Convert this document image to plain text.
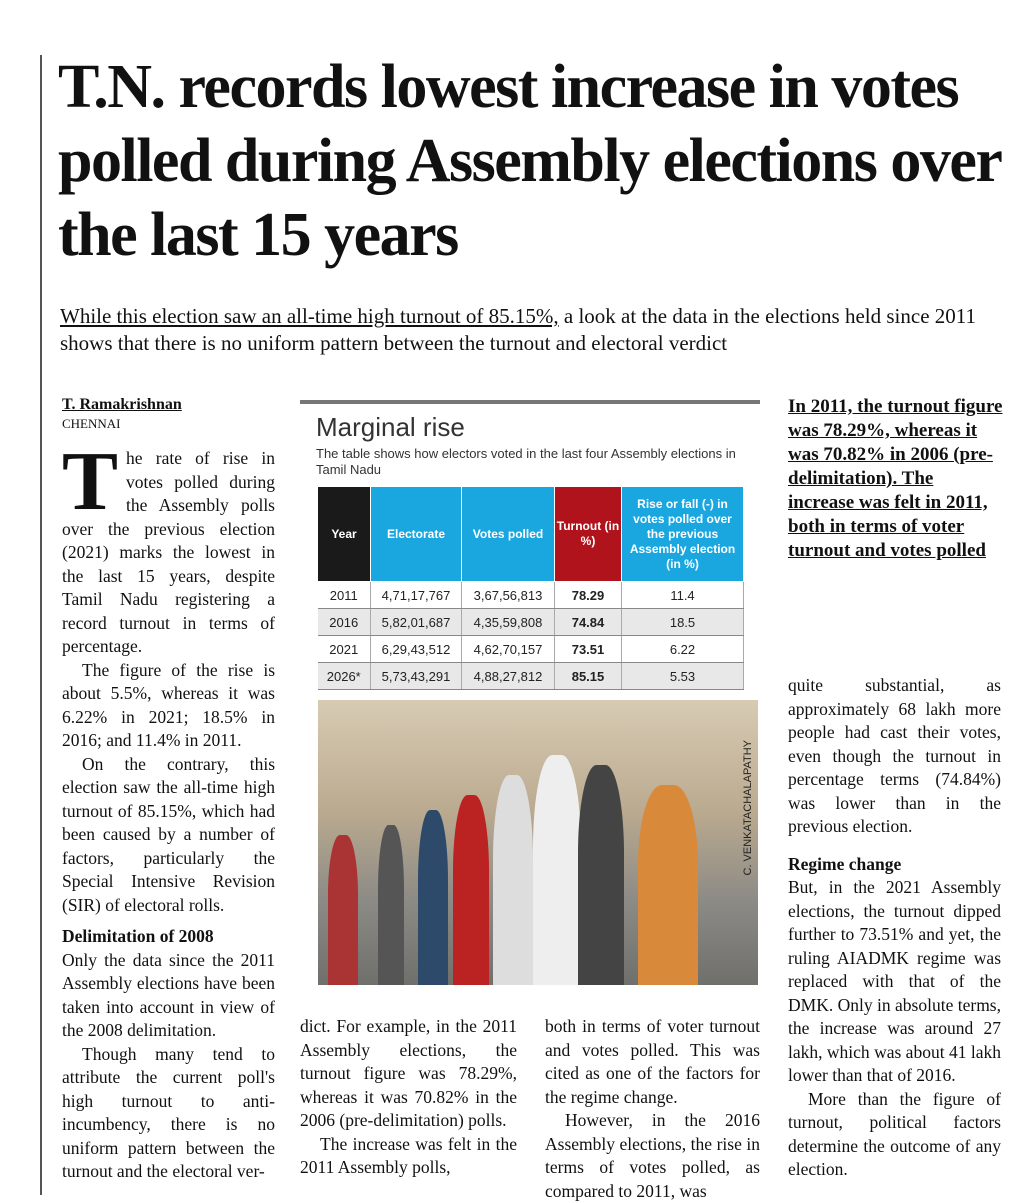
T.N. records lowest increase in votes polled during Assembly elections over the last 15 years
While this election saw an all-time high turnout of 85.15%, a look at the data in the elections held since 2011 shows that there is no uniform pattern between the turnout and electoral verdict
T. Ramakrishnan
CHENNAI

The rate of rise in votes polled during the Assembly polls over the previous election (2021) marks the lowest in the last 15 years, despite Tamil Nadu registering a record turnout in terms of percentage.

The figure of the rise is about 5.5%, whereas it was 6.22% in 2021; 18.5% in 2016; and 11.4% in 2011.

On the contrary, this election saw the all-time high turnout of 85.15%, which had been caused by a number of factors, particularly the Special Intensive Revision (SIR) of electoral rolls.

Delimitation of 2008

Only the data since the 2011 Assembly elections have been taken into account in view of the 2008 delimitation.

Though many tend to attribute the current poll's high turnout to anti-incumbency, there is no uniform pattern between the turnout and the electoral ver-

Marginal rise
The table shows how electors voted in the last four Assembly elections in Tamil Nadu
Year	Electorate	Votes polled	Turnout (in %)	Rise or fall (-) in votes polled over the previous Assembly election (in %)
2011	4,71,17,767	3,67,56,813	78.29	11.4
2016	5,82,01,687	4,35,59,808	74.84	18.5
2021	6,29,43,512	4,62,70,157	73.51	6.22
2026*	5,73,43,291	4,88,27,812	85.15	5.53
C. VENKATACHALAPATHY

dict. For example, in the 2011 Assembly elections, the turnout figure was 78.29%, whereas it was 70.82% in the 2006 (pre-delimitation) polls.

The increase was felt in the 2011 Assembly polls,

both in terms of voter turnout and votes polled. This was cited as one of the factors for the regime change.

However, in the 2016 Assembly elections, the rise in terms of votes polled, as compared to 2011, was

In 2011, the turnout figure was 78.29%, whereas it was 70.82% in 2006 (pre-delimitation). The increase was felt in 2011, both in terms of voter turnout and votes polled

quite substantial, as approximately 68 lakh more people had cast their votes, even though the turnout in percentage terms (74.84%) was lower than in the previous election.

Regime change

But, in the 2021 Assembly elections, the turnout dipped further to 73.51% and yet, the ruling AIADMK regime was replaced with that of the DMK. Only in absolute terms, the increase was around 27 lakh, which was about 41 lakh lower than that of 2016.

More than the figure of turnout, political factors determine the outcome of any election.
